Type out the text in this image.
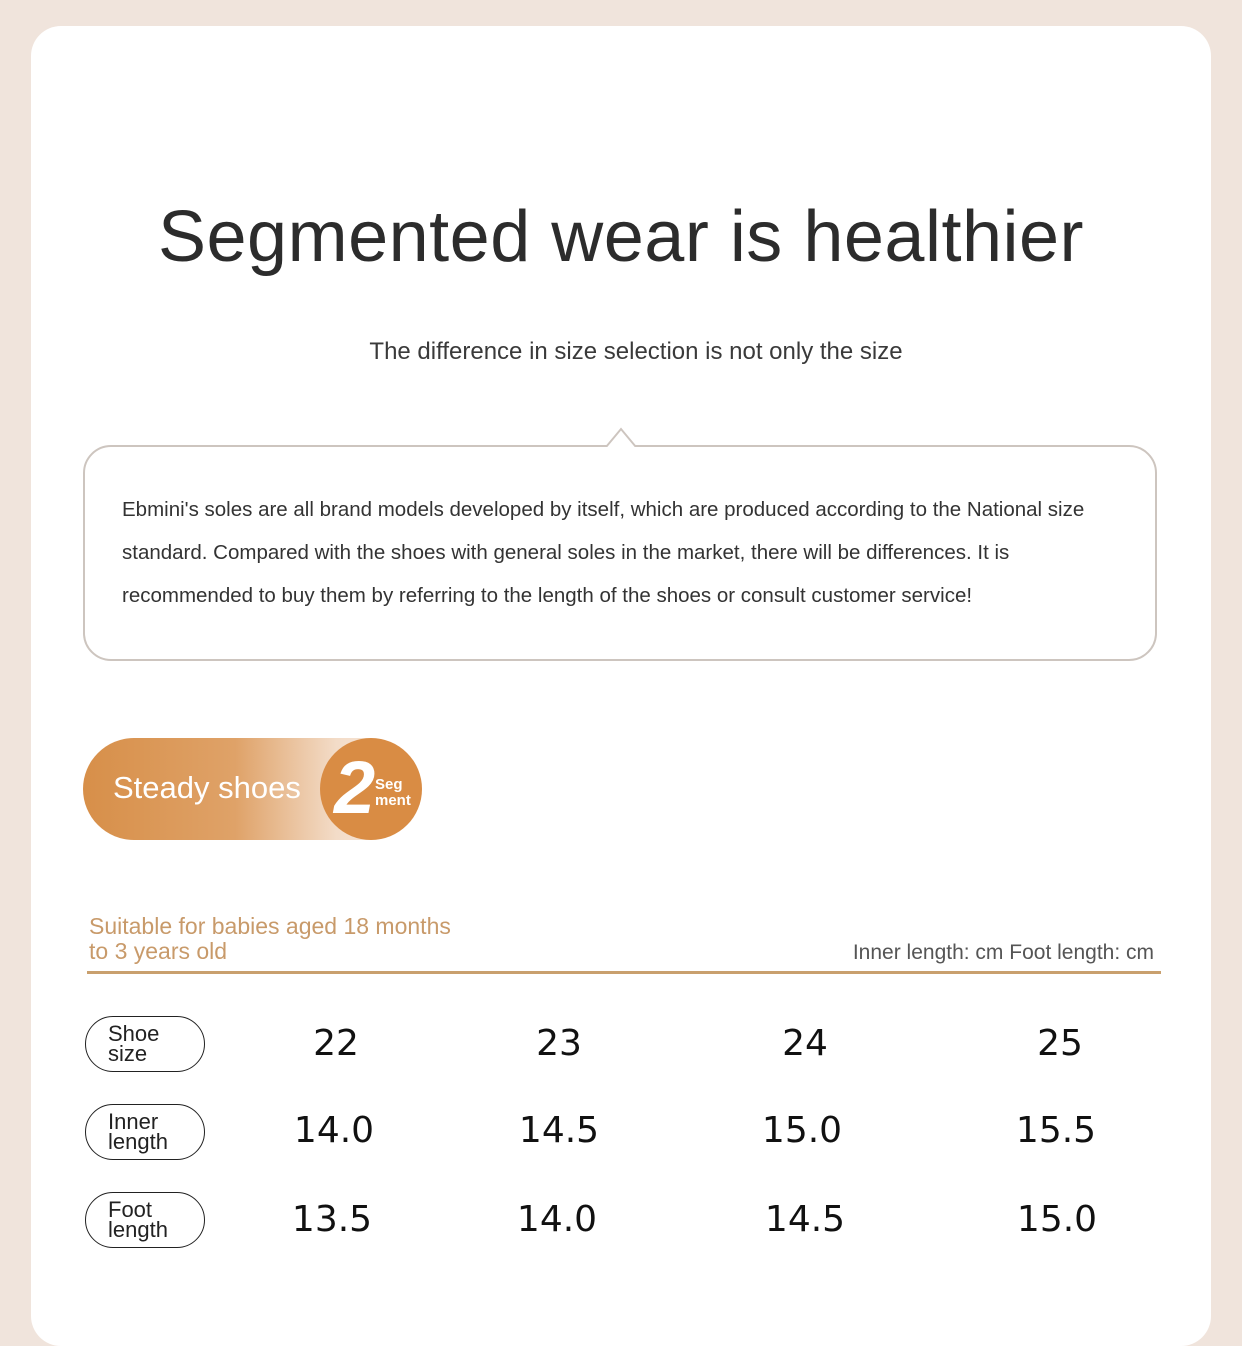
Segmented wear is healthier
The difference in size selection is not only the size
Ebmini's soles are all brand models developed by itself, which are produced according to the National size standard. Compared with the shoes with general soles in the market, there will be differences. It is recommended to buy them by referring to the length of the shoes or consult customer service!
Steady shoes 2 Seg
ment
Suitable for babies aged 18 months
to 3 years old	Inner length: cm Foot length: cm
Shoe
size	22	23	24	25
Inner
length	14.0	14.5	15.0	15.5
Foot
length	13.5	14.0	14.5	15.0
